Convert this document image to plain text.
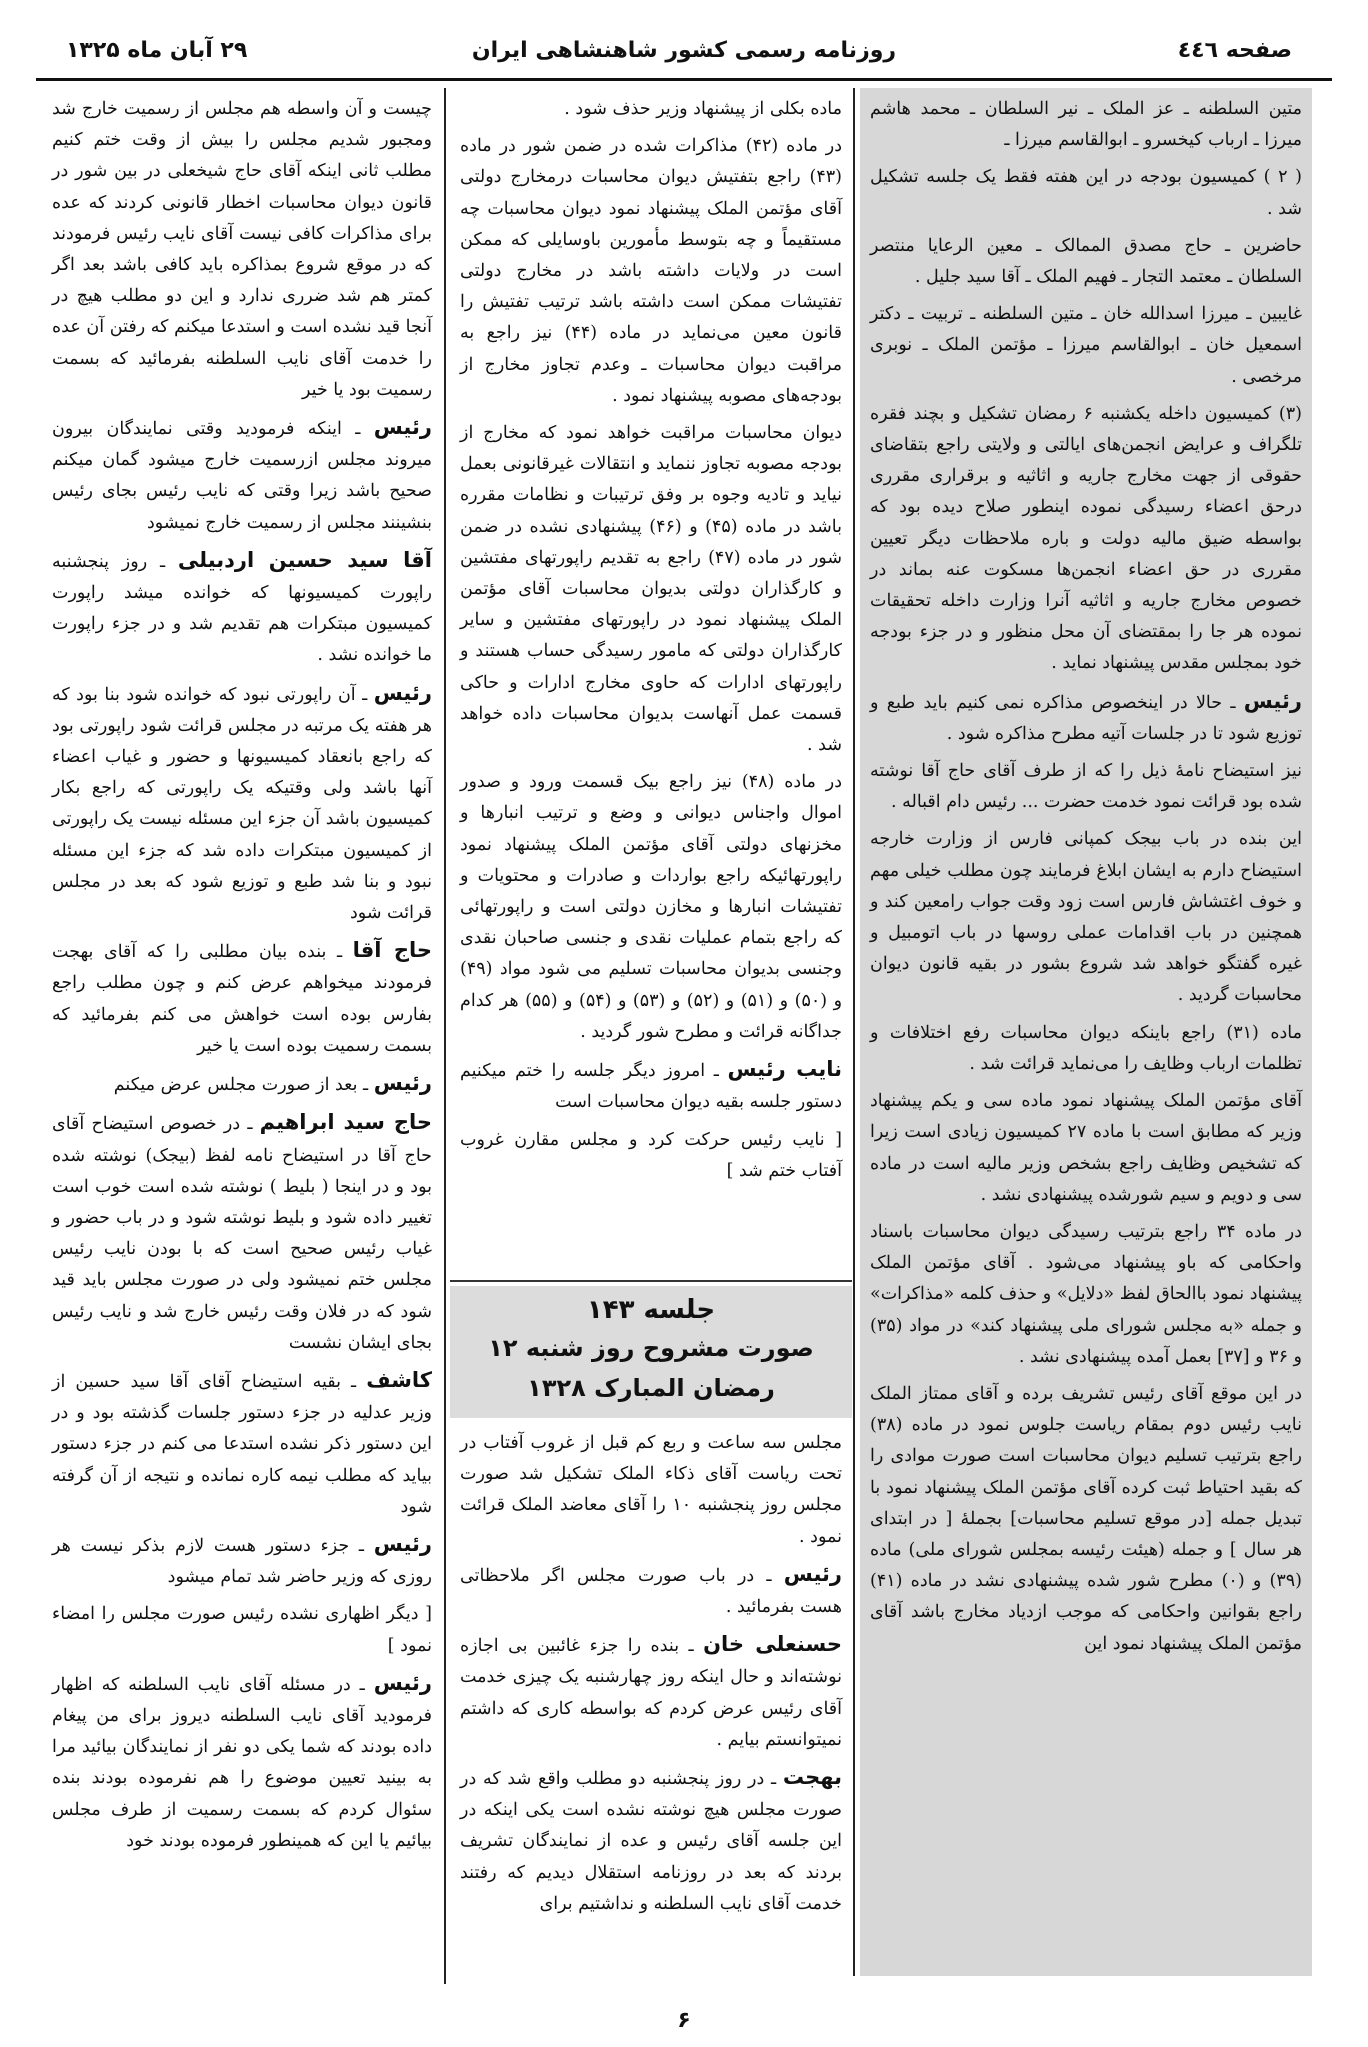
صفحه ٤٤٦
روزنامه رسمی کشور شاهنشاهی ایران
۲۹ آبان ماه ۱۳۲۵

متین السلطنه ـ عز الملک ـ نیر السلطان ـ محمد هاشم میرزا ـ ارباب کیخسرو ـ ابوالقاسم میرزا ـ

( ۲ ) کمیسیون بودجه در این هفته فقط یک جلسه تشکیل شد .

حاضرین ـ حاج مصدق الممالک ـ معین الرعایا منتصر السلطان ـ معتمد التجار ـ فهیم الملک ـ آقا سید جلیل .

غایبین ـ میرزا اسدالله خان ـ متین السلطنه ـ تربیت ـ دکتر اسمعیل خان ـ ابوالقاسم میرزا ـ مؤتمن الملک ـ نوبری مرخصی .

(۳) کمیسیون داخله یکشنبه ۶ رمضان تشکیل و بچند فقره تلگراف و عرایض انجمن‌های ایالتی و ولایتی راجع بتقاضای حقوقی از جهت مخارج جاریه و اثاثیه و برقراری مقرری درحق اعضاء رسیدگی نموده اینطور صلاح دیده بود که بواسطه ضیق مالیه دولت و باره ملاحظات دیگر تعیین مقرری در حق اعضاء انجمن‌ها مسکوت عنه بماند در خصوص مخارج جاریه و اثاثیه آنرا وزارت داخله تحقیقات نموده هر جا را بمقتضای آن محل منظور و در جزء بودجه خود بمجلس مقدس پیشنهاد نماید .

رئیس ـ حالا در اینخصوص مذاکره نمی کنیم باید طبع و توزیع شود تا در جلسات آتیه مطرح مذاکره شود .

نیز استیضاح نامهٔ ذیل را که از طرف آقای حاج آقا نوشته شده بود قرائت نمود خدمت حضرت ... رئیس دام اقباله .

این بنده در باب بیجک کمپانی فارس از وزارت خارجه استیضاح دارم به ایشان ابلاغ فرمایند چون مطلب خیلی مهم و خوف اغتشاش فارس است زود وقت جواب رامعین کند و همچنین در باب اقدامات عملی روسها در باب اتومبیل و غیره گفتگو خواهد شد شروع بشور در بقیه قانون دیوان محاسبات گردید .

ماده (۳۱) راجع باینکه دیوان محاسبات رفع اختلافات و تظلمات ارباب وظایف را می‌نماید قرائت شد .

آقای مؤتمن الملک پیشنهاد نمود ماده سی و یکم پیشنهاد وزیر که مطابق است با ماده ۲۷ کمیسیون زیادی است زیرا که تشخیص وظایف راجع بشخص وزیر مالیه است در ماده سی و دویم و سیم شورشده پیشنهادی نشد .

در ماده ۳۴ راجع بترتیب رسیدگی دیوان محاسبات باسناد واحکامی که باو پیشنهاد می‌شود . آقای مؤتمن الملک پیشنهاد نمود باالحاق لفظ «دلایل» و حذف کلمه «مذاکرات» و جمله «به مجلس شورای ملی پیشنهاد کند» در مواد (۳۵) و ۳۶ و [۳۷] بعمل آمده پیشنهادی نشد .

در این موقع آقای رئیس تشریف برده و آقای ممتاز الملک نایب رئیس دوم بمقام ریاست جلوس نمود در ماده (۳۸) راجع بترتیب تسلیم دیوان محاسبات است صورت موادی را که بقید احتیاط ثبت کرده آقای مؤتمن الملک پیشنهاد نمود با تبدیل جمله [در موقع تسلیم محاسبات] بجملهٔ [ در ابتدای هر سال ] و جمله (هیئت رئیسه بمجلس شورای ملی) ماده (۳۹) و (۰) مطرح شور شده پیشنهادی نشد در ماده (۴۱) راجع بقوانین واحکامی که موجب ازدیاد مخارج باشد آقای مؤتمن الملک پیشنهاد نمود این

ماده بکلی از پیشنهاد وزیر حذف شود .

در ماده (۴۲) مذاکرات شده در ضمن شور در ماده (۴۳) راجع بتفتیش دیوان محاسبات درمخارج دولتی آقای مؤتمن الملک پیشنهاد نمود دیوان محاسبات چه مستقیماً و چه بتوسط مأمورین باوسایلی که ممکن است در ولایات داشته باشد در مخارج دولتی تفتیشات ممکن است داشته باشد ترتیب تفتیش را قانون معین می‌نماید در ماده (۴۴) نیز راجع به مراقبت دیوان محاسبات ـ وعدم تجاوز مخارج از بودجه‌های مصوبه پیشنهاد نمود .

دیوان محاسبات مراقبت خواهد نمود که مخارج از بودجه مصوبه تجاوز ننماید و انتقالات غیرقانونی بعمل نیاید و تادیه وجوه بر وفق ترتیبات و نظامات مقرره باشد در ماده (۴۵) و (۴۶) پیشنهادی نشده در ضمن شور در ماده (۴۷) راجع به تقدیم راپورتهای مفتشین و کارگذاران دولتی بدیوان محاسبات آقای مؤتمن الملک پیشنهاد نمود در راپورتهای مفتشین و سایر کارگذاران دولتی که مامور رسیدگی حساب هستند و راپورتهای ادارات که حاوی مخارج ادارات و حاکی قسمت عمل آنهاست بدیوان محاسبات داده خواهد شد .

در ماده (۴۸) نیز راجع بیک قسمت ورود و صدور اموال واجناس دیوانی و وضع و ترتیب انبارها و مخزنهای دولتی آقای مؤتمن الملک پیشنهاد نمود راپورتهائیکه راجع بواردات و صادرات و محتویات و تفتیشات انبارها و مخازن دولتی است و راپورتهائی که راجع بتمام عملیات نقدی و جنسی صاحبان نقدی وجنسی بدیوان محاسبات تسلیم می شود مواد (۴۹) و (۵۰) و (۵۱) و (۵۲) و (۵۳) و (۵۴) و (۵۵) هر کدام جداگانه قرائت و مطرح شور گردید .

نایب رئیس ـ امروز دیگر جلسه را ختم میکنیم دستور جلسه بقیه دیوان محاسبات است

[ نایب رئیس حرکت کرد و مجلس مقارن غروب آفتاب ختم شد ]

جلسه ۱۴۳
صورت مشروح روز شنبه ۱۲
رمضان المبارک ۱۳۲۸

مجلس سه ساعت و ربع کم قبل از غروب آفتاب در تحت ریاست آقای ذکاء الملک تشکیل شد صورت مجلس روز پنجشنبه ۱۰ را آقای معاضد الملک قرائت نمود .

رئیس ـ در باب صورت مجلس اگر ملاحظاتی هست بفرمائید .

حسنعلی خان ـ بنده را جزء غائبین بی اجازه نوشته‌اند و حال اینکه روز چهارشنبه یک چیزی خدمت آقای رئیس عرض کردم که بواسطه کاری که داشتم نمیتوانستم بیایم .

بهجت ـ در روز پنجشنبه دو مطلب واقع شد که در صورت مجلس هیچ نوشته نشده است یکی اینکه در این جلسه آقای رئیس و عده از نمایندگان تشریف بردند که بعد در روزنامه استقلال دیدیم که رفتند خدمت آقای نایب السلطنه و نداشتیم برای

چیست و آن واسطه هم مجلس از رسمیت خارج شد ومجبور شدیم مجلس را بیش از وقت ختم کنیم مطلب ثانی اینکه آقای حاج شیخعلی در بین شور در قانون دیوان محاسبات اخطار قانونی کردند که عده برای مذاکرات کافی نیست آقای نایب رئیس فرمودند که در موقع شروع بمذاکره باید کافی باشد بعد اگر کمتر هم شد ضرری ندارد و این دو مطلب هیچ در آنجا قید نشده است و استدعا میکنم که رفتن آن عده را خدمت آقای نایب السلطنه بفرمائید که بسمت رسمیت بود یا خیر

رئیس ـ اینکه فرمودید وقتی نمایندگان بیرون میروند مجلس ازرسمیت خارج میشود گمان میکنم صحیح باشد زیرا وقتی که نایب رئیس بجای رئیس بنشینند مجلس از رسمیت خارج نمیشود

آقا سید حسین اردبیلی ـ روز پنجشنبه راپورت کمیسیونها که خوانده میشد راپورت کمیسیون مبتکرات هم تقدیم شد و در جزء راپورت ما خوانده نشد .

رئیس ـ آن راپورتی نبود که خوانده شود بنا بود که هر هفته یک مرتبه در مجلس قرائت شود راپورتی بود که راجع بانعقاد کمیسیونها و حضور و غیاب اعضاء آنها باشد ولی وقتیکه یک راپورتی که راجع بکار کمیسیون باشد آن جزء این مسئله نیست یک راپورتی از کمیسیون مبتکرات داده شد که جزء این مسئله نبود و بنا شد طبع و توزیع شود که بعد در مجلس قرائت شود

حاج آقا ـ بنده بیان مطلبی را که آقای بهجت فرمودند میخواهم عرض کنم و چون مطلب راجع بفارس بوده است خواهش می کنم بفرمائید که بسمت رسمیت بوده است یا خیر

رئیس ـ بعد از صورت مجلس عرض میکنم

حاج سید ابراهیم ـ در خصوص استیضاح آقای حاج آقا در استیضاح نامه لفظ (بیجک) نوشته شده بود و در اینجا ( بلیط ) نوشته شده است خوب است تغییر داده شود و بلیط نوشته شود و در باب حضور و غیاب رئیس صحیح است که با بودن نایب رئیس مجلس ختم نمیشود ولی در صورت مجلس باید قید شود که در فلان وقت رئیس خارج شد و نایب رئیس بجای ایشان نشست

کاشف ـ بقیه استیضاح آقای آقا سید حسین از وزیر عدلیه در جزء دستور جلسات گذشته بود و در این دستور ذکر نشده استدعا می کنم در جزء دستور بیاید که مطلب نیمه کاره نمانده و نتیجه از آن گرفته شود

رئیس ـ جزء دستور هست لازم بذکر نیست هر روزی که وزیر حاضر شد تمام میشود

[ دیگر اظهاری نشده رئیس صورت مجلس را امضاء نمود ]

رئیس ـ در مسئله آقای نایب السلطنه که اظهار فرمودید آقای نایب السلطنه دیروز برای من پیغام داده بودند که شما یکی دو نفر از نمایندگان بیائید مرا به بینید تعیین موضوع را هم نفرموده بودند بنده سئوال کردم که بسمت رسمیت از طرف مجلس بیائیم یا این که همینطور فرموده بودند خود

۶
